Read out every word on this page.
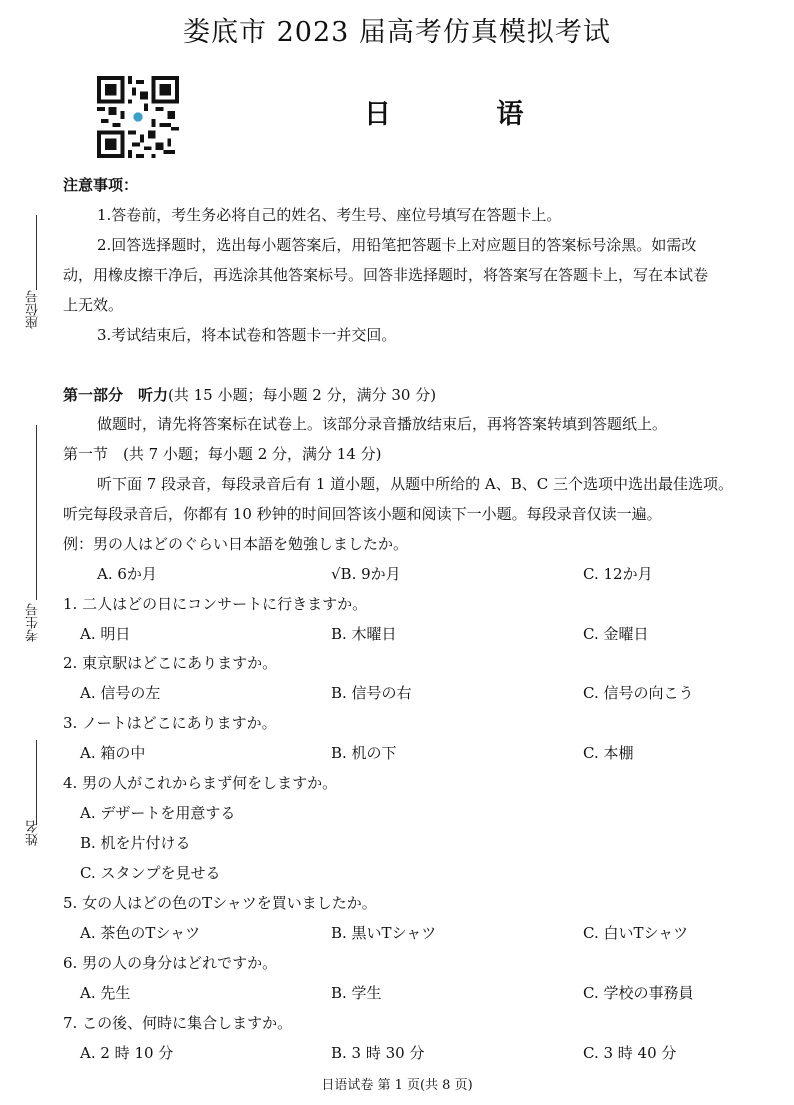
娄底市 2023 届高考仿真模拟考试
日 语
座位号
考生号
姓名
注意事项：
1.答卷前，考生务必将自己的姓名、考生号、座位号填写在答题卡上。
2.回答选择题时，选出每小题答案后，用铅笔把答题卡上对应题目的答案标号涂黑。如需改
动，用橡皮擦干净后，再选涂其他答案标号。回答非选择题时，将答案写在答题卡上，写在本试卷
上无效。
3.考试结束后，将本试卷和答题卡一并交回。
第一部分　听力(共 15 小题；每小题 2 分，满分 30 分)
做题时，请先将答案标在试卷上。该部分录音播放结束后，再将答案转填到答题纸上。
第一节　(共 7 小题；每小题 2 分，满分 14 分)
听下面 7 段录音，每段录音后有 1 道小题，从题中所给的 A、B、C 三个选项中选出最佳选项。
听完每段录音后，你都有 10 秒钟的时间回答该小题和阅读下一小题。每段录音仅读一遍。
例：男の人はどのぐらい日本語を勉強しましたか。
A. 6か月	√B. 9か月	C. 12か月
1. 二人はどの日にコンサートに行きますか。
A. 明日	B. 木曜日	C. 金曜日
2. 東京駅はどこにありますか。
A. 信号の左	B. 信号の右	C. 信号の向こう
3. ノートはどこにありますか。
A. 箱の中	B. 机の下	C. 本棚
4. 男の人がこれからまず何をしますか。
A. デザートを用意する
B. 机を片付ける
C. スタンプを見せる
5. 女の人はどの色のTシャツを買いましたか。
A. 茶色のTシャツ	B. 黒いTシャツ	C. 白いTシャツ
6. 男の人の身分はどれですか。
A. 先生	B. 学生	C. 学校の事務員
7. この後、何時に集合しますか。
A. 2 時 10 分	B. 3 時 30 分	C. 3 時 40 分
日语试卷 第 1 页(共 8 页)
